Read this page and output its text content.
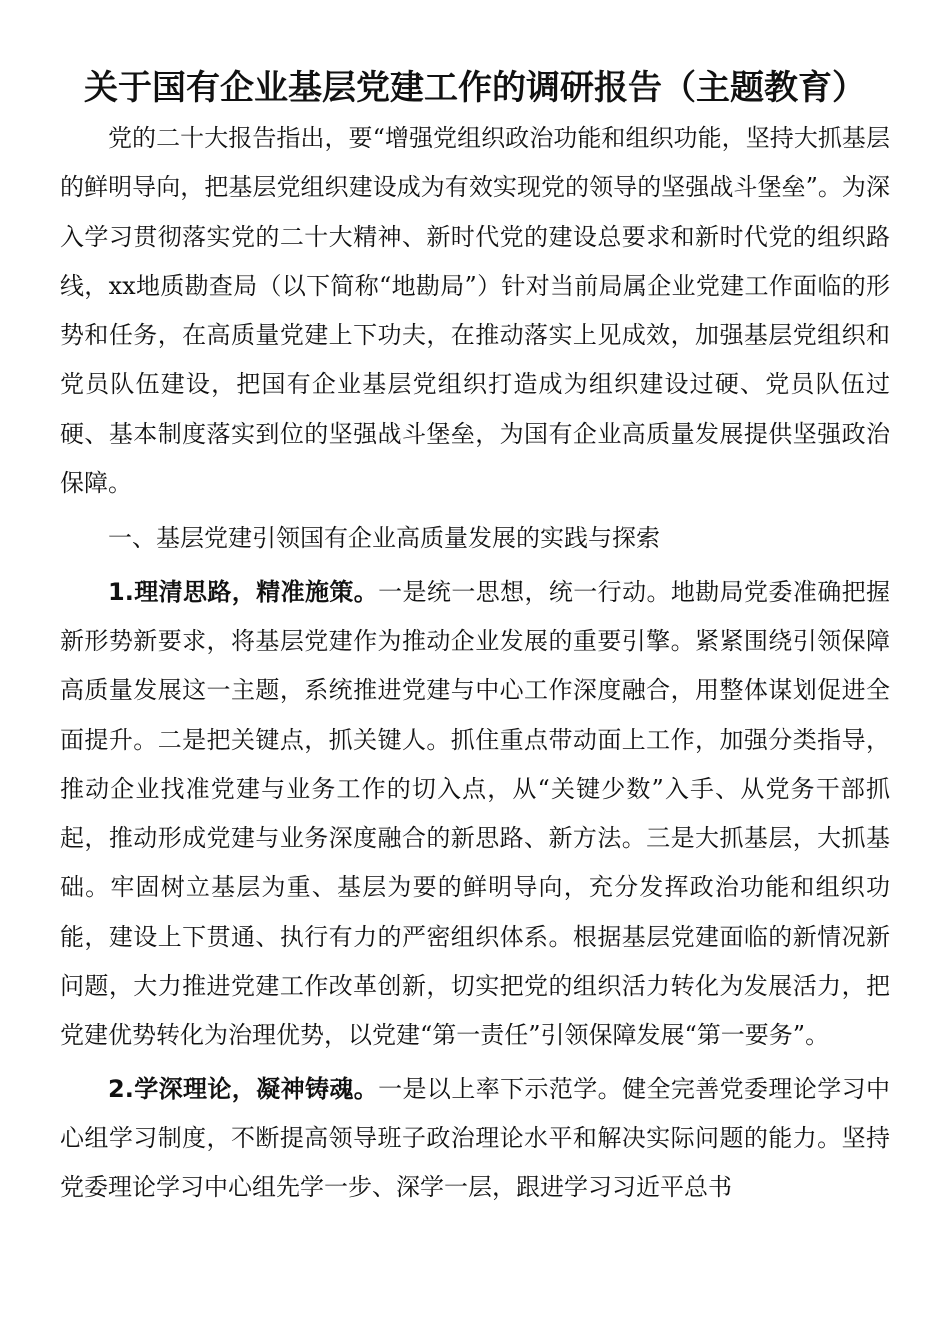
关于国有企业基层党建工作的调研报告（主题教育）

党的二十大报告指出，要“增强党组织政治功能和组织功能，坚持大抓基层的鲜明导向，把基层党组织建设成为有效实现党的领导的坚强战斗堡垒”。为深入学习贯彻落实党的二十大精神、新时代党的建设总要求和新时代党的组织路线，xx地质勘查局（以下简称“地勘局”）针对当前局属企业党建工作面临的形势和任务，在高质量党建上下功夫，在推动落实上见成效，加强基层党组织和党员队伍建设，把国有企业基层党组织打造成为组织建设过硬、党员队伍过硬、基本制度落实到位的坚强战斗堡垒，为国有企业高质量发展提供坚强政治保障。

一、基层党建引领国有企业高质量发展的实践与探索

1.理清思路，精准施策。一是统一思想，统一行动。地勘局党委准确把握新形势新要求，将基层党建作为推动企业发展的重要引擎。紧紧围绕引领保障高质量发展这一主题，系统推进党建与中心工作深度融合，用整体谋划促进全面提升。二是把关键点，抓关键人。抓住重点带动面上工作，加强分类指导，推动企业找准党建与业务工作的切入点，从“关键少数”入手、从党务干部抓起，推动形成党建与业务深度融合的新思路、新方法。三是大抓基层，大抓基础。牢固树立基层为重、基层为要的鲜明导向，充分发挥政治功能和组织功能，建设上下贯通、执行有力的严密组织体系。根据基层党建面临的新情况新问题，大力推进党建工作改革创新，切实把党的组织活力转化为发展活力，把党建优势转化为治理优势，以党建“第一责任”引领保障发展“第一要务”。

2.学深理论，凝神铸魂。一是以上率下示范学。健全完善党委理论学习中心组学习制度，不断提高领导班子政治理论水平和解决实际问题的能力。坚持党委理论学习中心组先学一步、深学一层，跟进学习习近平总书
